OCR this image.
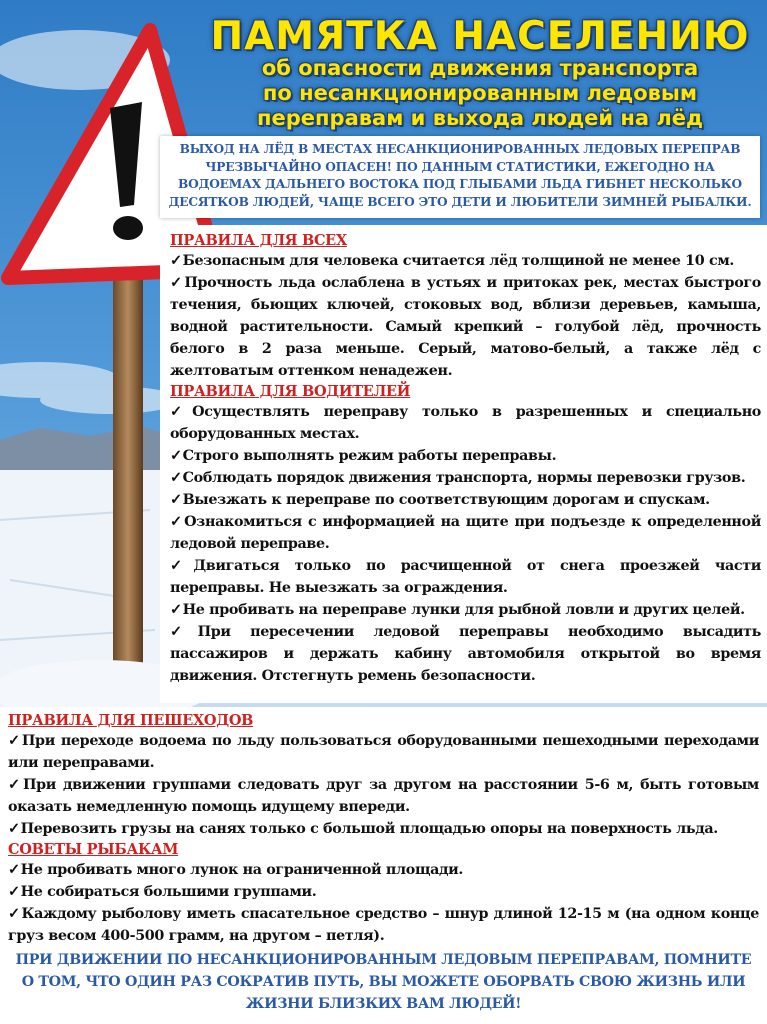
ПАМЯТКА НАСЕЛЕНИЮ
об опасности движения транспорта
по несанкционированным ледовым
переправам и выхода людей на лёд
ВЫХОД НА ЛЁД В МЕСТАХ НЕСАНКЦИОНИРОВАННЫХ ЛЕДОВЫХ ПЕРЕПРАВ ЧРЕЗВЫЧАЙНО ОПАСЕН! ПО ДАННЫМ СТАТИСТИКИ, ЕЖЕГОДНО НА ВОДОЕМАХ ДАЛЬНЕГО ВОСТОКА ПОД ГЛЫБАМИ ЛЬДА ГИБНЕТ НЕСКОЛЬКО ДЕСЯТКОВ ЛЮДЕЙ, ЧАЩЕ ВСЕГО ЭТО ДЕТИ И ЛЮБИТЕЛИ ЗИМНЕЙ РЫБАЛКИ.
ПРАВИЛА ДЛЯ ВСЕХ
✓Безопасным для человека считается лёд толщиной не менее 10 см.
✓Прочность льда ослаблена в устьях и притоках рек, местах быстрого течения, бьющих ключей, стоковых вод, вблизи деревьев, камыша, водной растительности. Самый крепкий – голубой лёд, прочность белого в 2 раза меньше. Серый, матово-белый, а также лёд с желтоватым оттенком ненадежен.
ПРАВИЛА ДЛЯ ВОДИТЕЛЕЙ
✓Осуществлять переправу только в разрешенных и специально оборудованных местах.
✓Строго выполнять режим работы переправы.
✓Соблюдать порядок движения транспорта, нормы перевозки грузов.
✓Выезжать к переправе по соответствующим дорогам и спускам.
✓Ознакомиться с информацией на щите при подъезде к определенной ледовой переправе.
✓Двигаться только по расчищенной от снега проезжей части переправы. Не выезжать за ограждения.
✓Не пробивать на переправе лунки для рыбной ловли и других целей.
✓При пересечении ледовой переправы необходимо высадить пассажиров и держать кабину автомобиля открытой во время движения. Отстегнуть ремень безопасности.
ПРАВИЛА ДЛЯ ПЕШЕХОДОВ
✓При переходе водоема по льду пользоваться оборудованными пешеходными переходами или переправами.
✓При движении группами следовать друг за другом на расстоянии 5-6 м, быть готовым оказать немедленную помощь идущему впереди.
✓Перевозить грузы на санях только с большой площадью опоры на поверхность льда.
СОВЕТЫ РЫБАКАМ
✓Не пробивать много лунок на ограниченной площади.
✓Не собираться большими группами.
✓Каждому рыболову иметь спасательное средство – шнур длиной 12-15 м (на одном конце груз весом 400-500 грамм, на другом – петля).
ПРИ ДВИЖЕНИИ ПО НЕСАНКЦИОНИРОВАННЫМ ЛЕДОВЫМ ПЕРЕПРАВАМ, ПОМНИТЕ О ТОМ, ЧТО ОДИН РАЗ СОКРАТИВ ПУТЬ, ВЫ МОЖЕТЕ ОБОРВАТЬ СВОЮ ЖИЗНЬ ИЛИ ЖИЗНИ БЛИЗКИХ ВАМ ЛЮДЕЙ!
